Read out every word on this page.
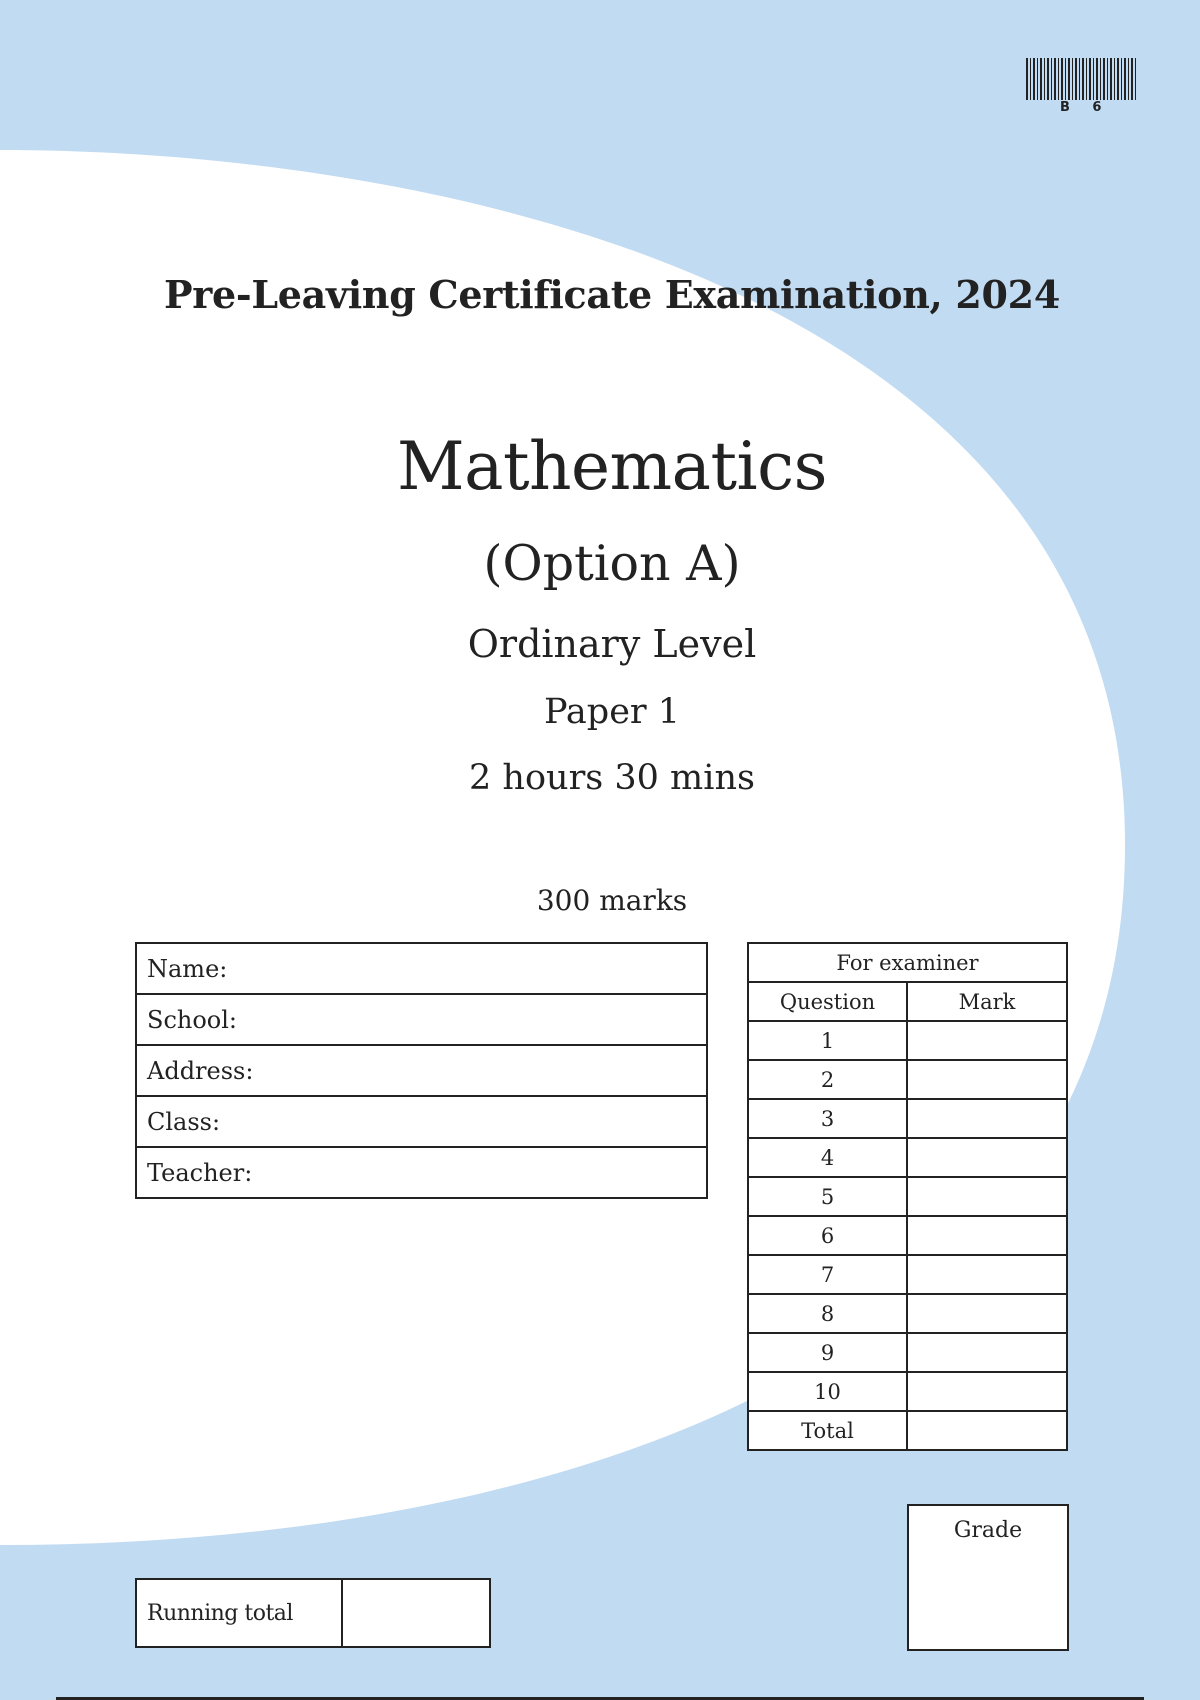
B 6
Pre-Leaving Certificate Examination, 2024
Mathematics
(Option A)
Ordinary Level
Paper 1
2 hours 30 mins
300 marks
Name:
School:
Address:
Class:
Teacher:
For examiner	
Question	Mark
1	
2	
3	
4	
5	
6	
7	
8	
9	
10	
Total	
Grade
Running total	
